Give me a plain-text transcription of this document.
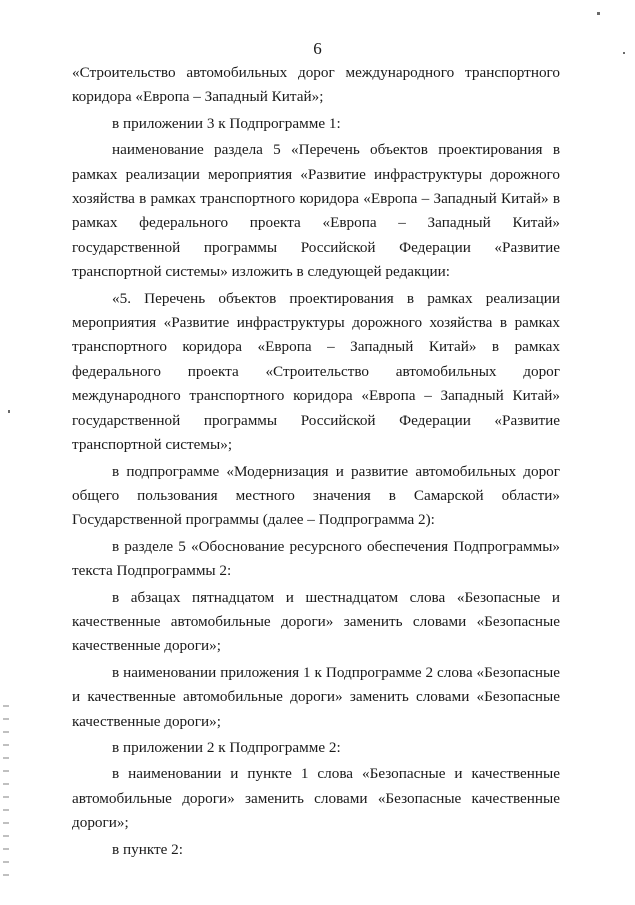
6

«Строительство автомобильных дорог международного транспортного коридора «Европа – Западный Китай»;

в приложении 3 к Подпрограмме 1:

наименование раздела 5 «Перечень объектов проектирования в рамках реализации мероприятия «Развитие инфраструктуры дорожного хозяйства в рамках транспортного коридора «Европа – Западный Китай» в рамках федерального проекта «Европа – Западный Китай» государственной программы Российской Федерации «Развитие транспортной системы» изложить в следующей редакции:

«5. Перечень объектов проектирования в рамках реализации мероприятия «Развитие инфраструктуры дорожного хозяйства в рамках транспортного коридора «Европа – Западный Китай» в рамках федерального проекта «Строительство автомобильных дорог международного транспортного коридора «Европа – Западный Китай» государственной программы Российской Федерации «Развитие транспортной системы»;

в подпрограмме «Модернизация и развитие автомобильных дорог общего пользования местного значения в Самарской области» Государственной программы (далее – Подпрограмма 2):

в разделе 5 «Обоснование ресурсного обеспечения Подпрограммы» текста Подпрограммы 2:

в абзацах пятнадцатом и шестнадцатом слова «Безопасные и качественные автомобильные дороги» заменить словами «Безопасные качественные дороги»;

в наименовании приложения 1 к Подпрограмме 2 слова «Безопасные и качественные автомобильные дороги» заменить словами «Безопасные качественные дороги»;

в приложении 2 к Подпрограмме 2:

в наименовании и пункте 1 слова «Безопасные и качественные автомобильные дороги» заменить словами «Безопасные качественные дороги»;

в пункте 2:
